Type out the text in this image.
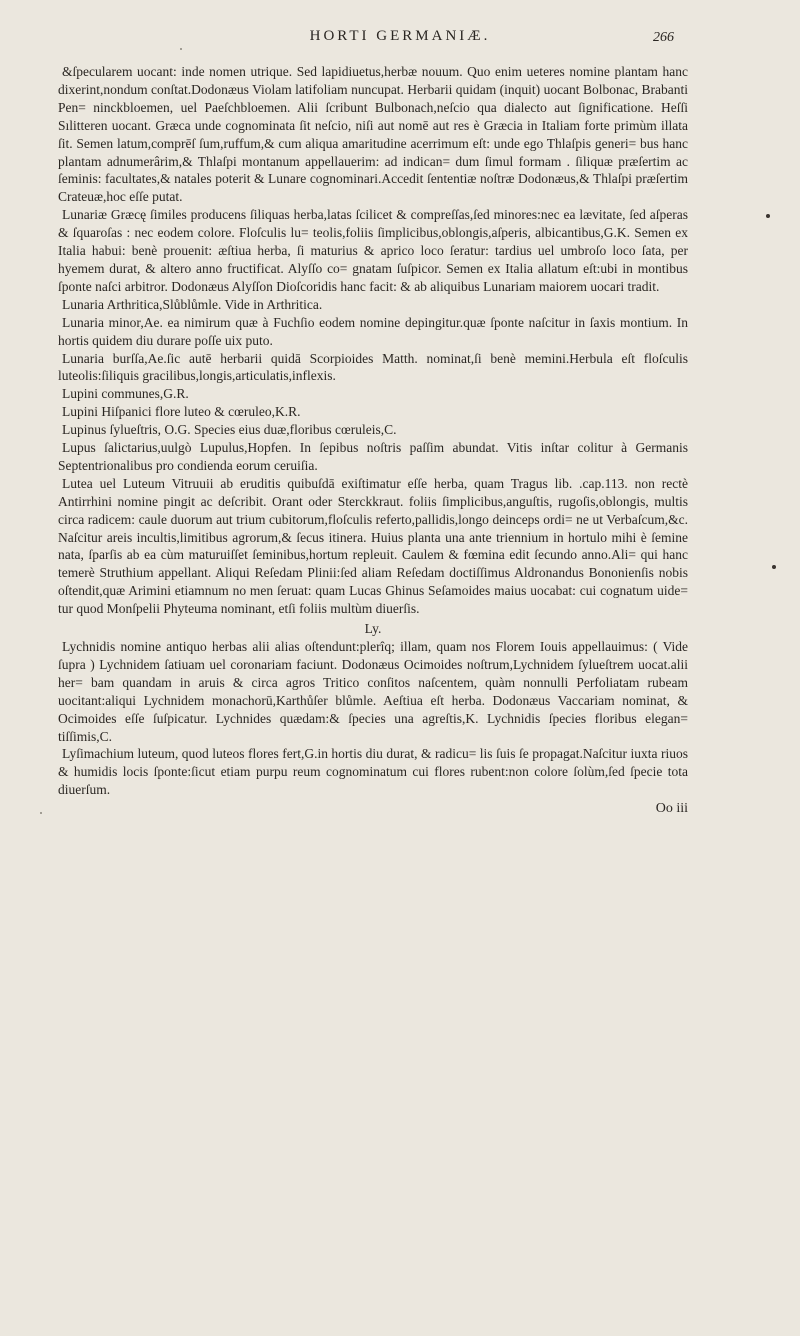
HORTI GERMANIÆ.	266

&ſpecularem uocant: inde nomen utrique. Sed lapidiuetus,herbæ nouum. Quo enim ueteres nomine plantam hanc dixerint,nondum conſtat.Dodonæus Violam latifoliam nuncupat. Herbarii quidam (inquit) uocant Bolbonac, Brabanti Pen= ninckbloemen, uel Paeſchbloemen. Alii ſcribunt Bulbonach,neſcio qua dialecto aut ſignificatione. Heſſi Sılitteren uocant. Græca unde cognominata ſit neſcio, niſi aut nomē aut res è Græcia in Italiam forte primùm illata ſit. Semen latum,comprēſ ſum,ruffum,& cum aliqua amaritudine acerrimum eſt: unde ego Thlaſpis generi= bus hanc plantam adnumerârim,& Thlaſpi montanum appellauerim: ad indican= dum ſimul formam . ſiliquæ præſertim ac ſeminis: facultates,& natales poterit & Lunare cognominari.Accedit ſententiæ noſtræ Dodonæus,& Thlaſpi præſertim Crateuæ,hoc eſſe putat.

Lunariæ Græcę ſimiles producens ſiliquas herba,latas ſcilicet & compreſſas,ſed minores:nec ea lævitate, ſed aſperas & ſquaroſas : nec eodem colore. Floſculis lu= teolis,foliis ſimplicibus,oblongis,aſperis, albicantibus,G.K. Semen ex Italia habui: benè prouenit: æſtiua herba, ſi maturius & aprico loco ſeratur: tardius uel umbroſo loco ſata, per hyemem durat, & altero anno fructificat. Alyſſo co= gnatam ſuſpicor. Semen ex Italia allatum eſt:ubi in montibus ſponte naſci arbitror. Dodonæus Alyſſon Dioſcoridis hanc facit: & ab aliquibus Lunariam maiorem uocari tradit.

Lunaria Arthritica,Slůblůmle. Vide in Arthritica.

Lunaria minor,Ae. ea nimirum quæ à Fuchſio eodem nomine depingitur.quæ ſponte naſcitur in ſaxis montium. In hortis quidem diu durare poſſe uix puto.

Lunaria burſſa,Ae.ſic autē herbarii quidā Scorpioides Matth. nominat,ſi benè memini.Herbula eſt floſculis luteolis:ſiliquis gracilibus,longis,articulatis,inflexis.

Lupini communes,G.R.

Lupini Hiſpanici flore luteo & cœruleo,K.R.

Lupinus ſylueſtris, O.G. Species eius duæ,floribus cœruleis,C.

Lupus ſalictarius,uulgò Lupulus,Hopfen. In ſepibus noſtris paſſim abundat. Vitis inſtar colitur à Germanis Septentrionalibus pro condienda eorum ceruiſia.

Lutea uel Luteum Vitruuii ab eruditis quibuſdā exiſtimatur eſſe herba, quam Tragus lib. .cap.113. non rectè Antirrhini nomine pingit ac deſcribit. Orant oder Sterckkraut. foliis ſimplicibus,anguſtis, rugoſis,oblongis, multis circa radicem: caule duorum aut trium cubitorum,floſculis referto,pallidis,longo deinceps ordi= ne ut Verbaſcum,&c. Naſcitur areis incultis,limitibus agrorum,& ſecus itinera. Huius planta una ante triennium in hortulo mihi è ſemine nata, ſparſis ab ea cùm maturuiſſet ſeminibus,hortum repleuit. Caulem & fœmina edit ſecundo anno.Ali= qui hanc temerè Struthium appellant. Aliqui Reſedam Plinii:ſed aliam Reſedam doctiſſimus Aldronandus Bononienſis nobis oſtendit,quæ Arimini etiamnum no men ſeruat: quam Lucas Ghinus Seſamoides maius uocabat: cui cognatum uide= tur quod Monſpelii Phyteuma nominant, etſi foliis multùm diuerſis.

Ly.

Lychnidis nomine antiquo herbas alii alias oſtendunt:plerîq; illam, quam nos Florem Iouis appellauimus: ( Vide ſupra ) Lychnidem ſatiuam uel coronariam faciunt. Dodonæus Ocimoides noſtrum,Lychnidem ſylueſtrem uocat.alii her= bam quandam in aruis & circa agros Tritico conſitos naſcentem, quàm nonnulli Perfoliatam rubeam uocitant:aliqui Lychnidem monachorū,Karthůſer blůmle. Aeſtiua eſt herba. Dodonæus Vaccariam nominat, & Ocimoides eſſe ſuſpicatur. Lychnides quædam:& ſpecies una agreſtis,K. Lychnidis ſpecies floribus elegan= tiſſimis,C.

Lyſimachium luteum, quod luteos flores fert,G.in hortis diu durat, & radicu= lis ſuis ſe propagat.Naſcitur iuxta riuos & humidis locis ſponte:ſicut etiam purpu reum cognominatum cui flores rubent:non colore ſolùm,ſed ſpecie tota diuerſum.

Oo iii
